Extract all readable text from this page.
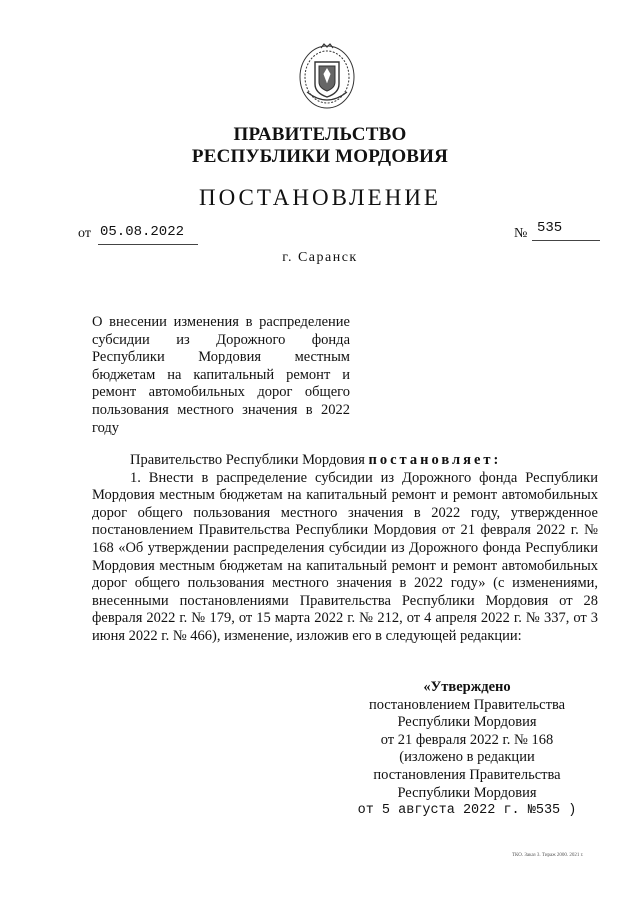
ПРАВИТЕЛЬСТВО
РЕСПУБЛИКИ МОРДОВИЯ
ПОСТАНОВЛЕНИЕ
от 05.08.2022	№ 535
г. Саранск
О внесении изменения в распределение субсидии из Дорожного фонда Республики Мордовия местным бюджетам на капитальный ремонт и ремонт автомобильных дорог общего пользования местного значения в 2022 году

Правительство Республики Мордовия постановляет:

1. Внести в распределение субсидии из Дорожного фонда Республики Мордовия местным бюджетам на капитальный ремонт и ремонт автомобильных дорог общего пользования местного значения в 2022 году, утвержденное постановлением Правительства Республики Мордовия от 21 февраля 2022 г. № 168 «Об утверждении распределения субсидии из Дорожного фонда Республики Мордовия местным бюджетам на капитальный ремонт и ремонт автомобильных дорог общего пользования местного значения в 2022 году» (с изменениями, внесенными постановлениями Правительства Республики Мордовия от 28 февраля 2022 г. № 179, от 15 марта 2022 г. № 212, от 4 апреля 2022 г. № 337, от 3 июня 2022 г. № 466), изменение, изложив его в следующей редакции:

«Утверждено
постановлением Правительства
Республики Мордовия
от 21 февраля 2022 г. № 168
(изложено в редакции
постановления Правительства
Республики Мордовия
от 5 августа 2022 г. №535 )
ТКО. Заказ 3. Тираж 2000. 2021 г.
